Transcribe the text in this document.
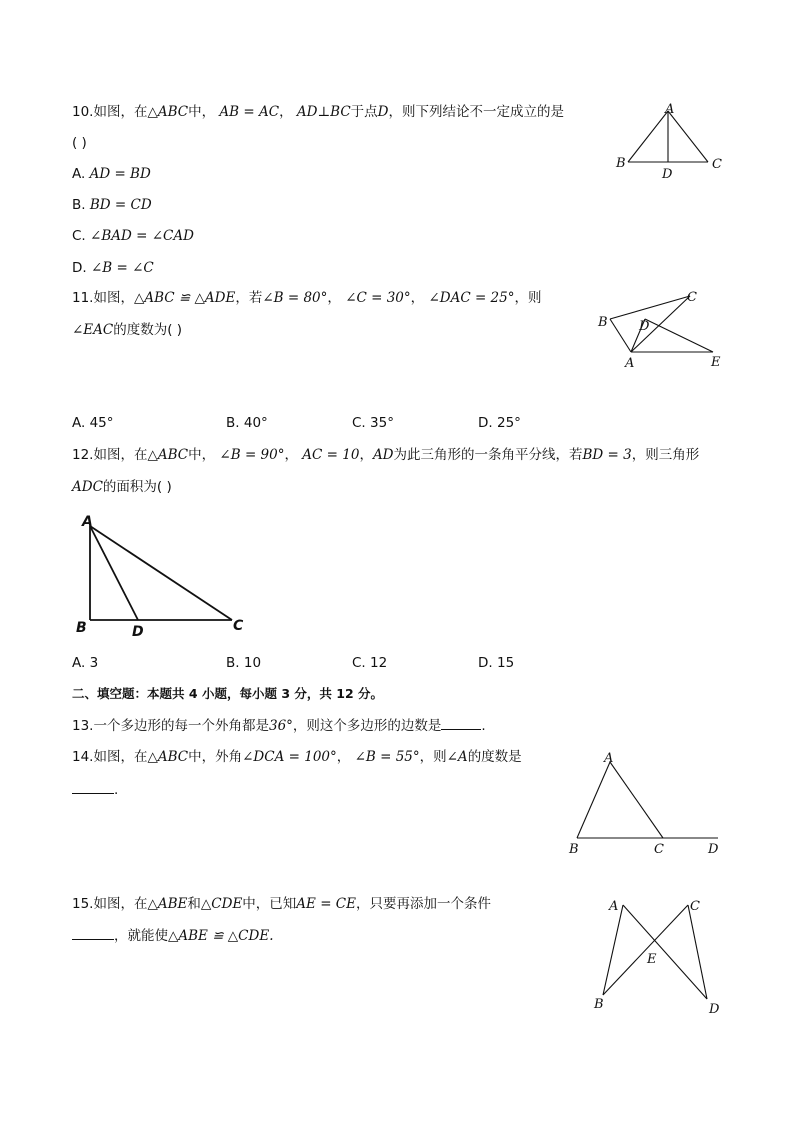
10.如图，在△ABC中， AB = AC， AD⊥BC于点D，则下列结论不一定成立的是
( )
A. AD = BD
B. BD = CD
C. ∠BAD = ∠CAD
D. ∠B = ∠C
A
B	C
D
11.如图，△ABC ≌ △ADE，若∠B = 80°， ∠C = 30°， ∠DAC = 25°，则
∠EAC的度数为( )	B
C
D
A	E
A. 45°	B. 40°	C. 35°	D. 25°
12.如图，在△ABC中， ∠B = 90°， AC = 10，AD为此三角形的一条角平分线，若BD = 3，则三角形
ADC的面积为( )
A
B	D	C
A. 3	B. 10	C. 12	D. 15
二、填空题：本题共 4 小题，每小题 3 分，共 12 分。
13.一个多边形的每一个外角都是36°，则这个多边形的边数是	.
14.如图，在△ABC中，外角∠DCA = 100°， ∠B = 55°，则∠A的度数是
.
A
B	C	D
15.如图，在△ABE和△CDE中，已知AE = CE，只要再添加一个条件
，就能使△ABE ≌ △CDE.
A	C
E
B	D
